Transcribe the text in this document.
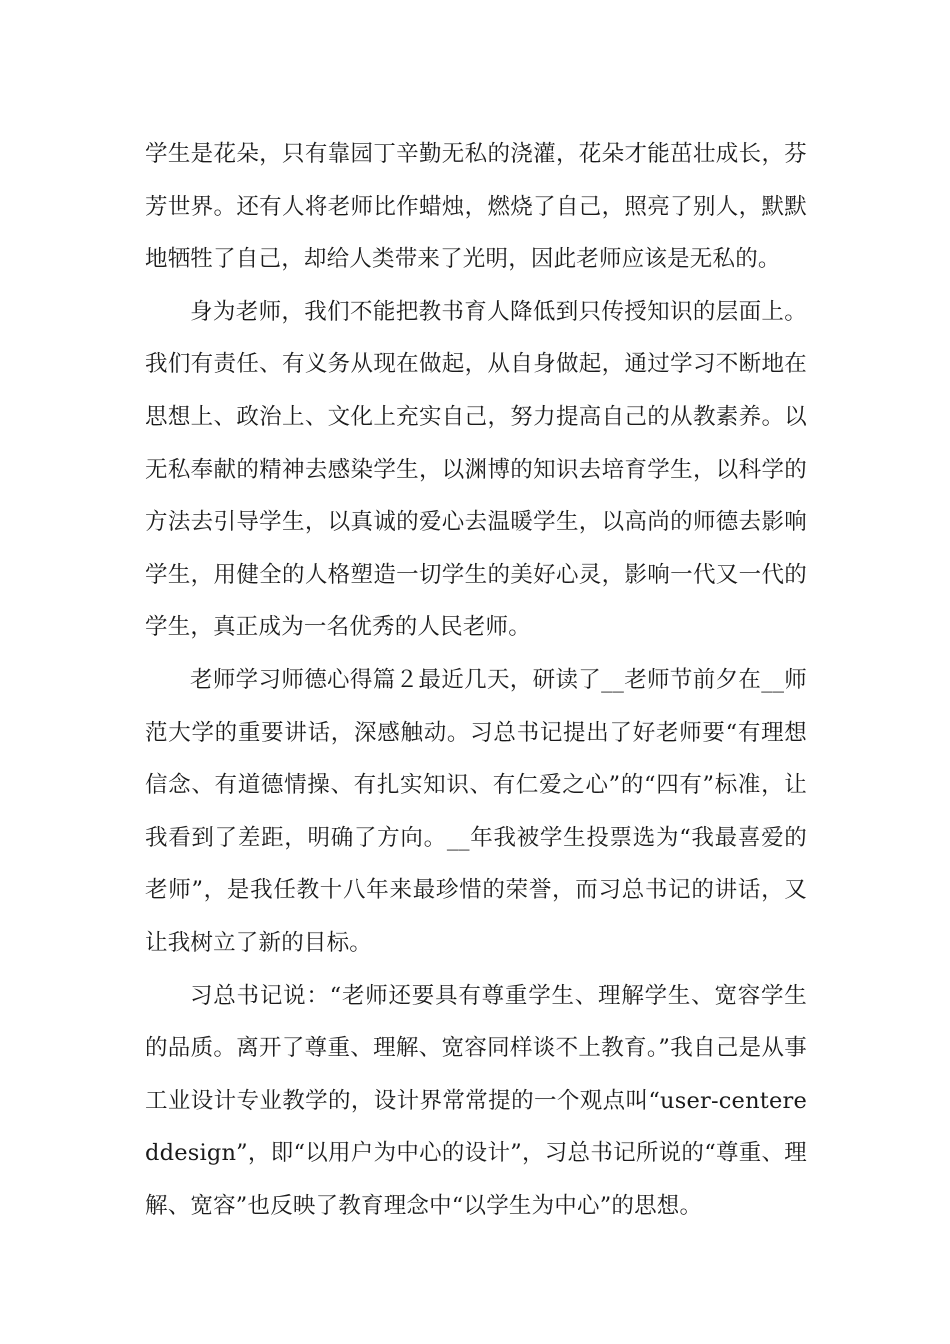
学生是花朵，只有靠园丁辛勤无私的浇灌，花朵才能茁壮成长，芬芳世界。还有人将老师比作蜡烛，燃烧了自己，照亮了别人，默默地牺牲了自己，却给人类带来了光明，因此老师应该是无私的。

身为老师，我们不能把教书育人降低到只传授知识的层面上。我们有责任、有义务从现在做起，从自身做起，通过学习不断地在思想上、政治上、文化上充实自己，努力提高自己的从教素养。以无私奉献的精神去感染学生，以渊博的知识去培育学生，以科学的方法去引导学生，以真诚的爱心去温暖学生，以高尚的师德去影响学生，用健全的人格塑造一切学生的美好心灵，影响一代又一代的学生，真正成为一名优秀的人民老师。

老师学习师德心得篇２最近几天，研读了__老师节前夕在__师范大学的重要讲话，深感触动。习总书记提出了好老师要“有理想信念、有道德情操、有扎实知识、有仁爱之心”的“四有”标准，让我看到了差距，明确了方向。__年我被学生投票选为“我最喜爱的老师”，是我任教十八年来最珍惜的荣誉，而习总书记的讲话，又让我树立了新的目标。

习总书记说：“老师还要具有尊重学生、理解学生、宽容学生的品质。离开了尊重、理解、宽容同样谈不上教育。”我自己是从事工业设计专业教学的，设计界常常提的一个观点叫“user-centereddesign”，即“以用户为中心的设计”，习总书记所说的“尊重、理解、宽容”也反映了教育理念中“以学生为中心”的思想。
